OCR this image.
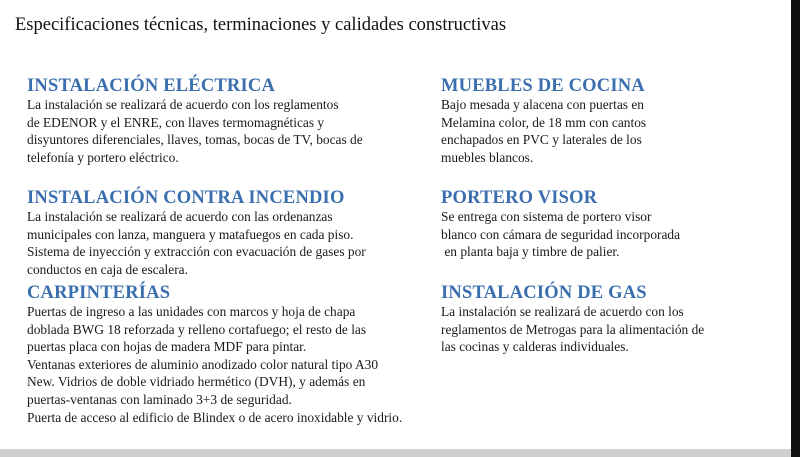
Especificaciones técnicas, terminaciones y calidades constructivas
INSTALACIÓN ELÉCTRICA
La instalación se realizará de acuerdo con los reglamentos
de EDENOR y el ENRE, con llaves termomagnéticas y
disyuntores diferenciales, llaves, tomas, bocas de TV, bocas de
telefonía y portero eléctrico.
INSTALACIÓN CONTRA INCENDIO
La instalación se realizará de acuerdo con las ordenanzas
municipales con lanza, manguera y matafuegos en cada piso.
Sistema de inyección y extracción con evacuación de gases por
conductos en caja de escalera.
CARPINTERÍAS
Puertas de ingreso a las unidades con marcos y hoja de chapa
doblada BWG 18 reforzada y relleno cortafuego; el resto de las
puertas placa con hojas de madera MDF para pintar.
Ventanas exteriores de aluminio anodizado color natural tipo A30
New. Vidrios de doble vidriado hermético (DVH), y además en
puertas-ventanas con laminado 3+3 de seguridad.
Puerta de acceso al edificio de Blindex o de acero inoxidable y vidrio.
MUEBLES DE COCINA
Bajo mesada y alacena con puertas en
Melamina color, de 18 mm con cantos
enchapados en PVC y laterales de los
muebles blancos.
PORTERO VISOR
Se entrega con sistema de portero visor
blanco con cámara de seguridad incorporada
en planta baja y timbre de palier.
INSTALACIÓN DE GAS
La instalación se realizará de acuerdo con los
reglamentos de Metrogas para la alimentación de
las cocinas y calderas individuales.
